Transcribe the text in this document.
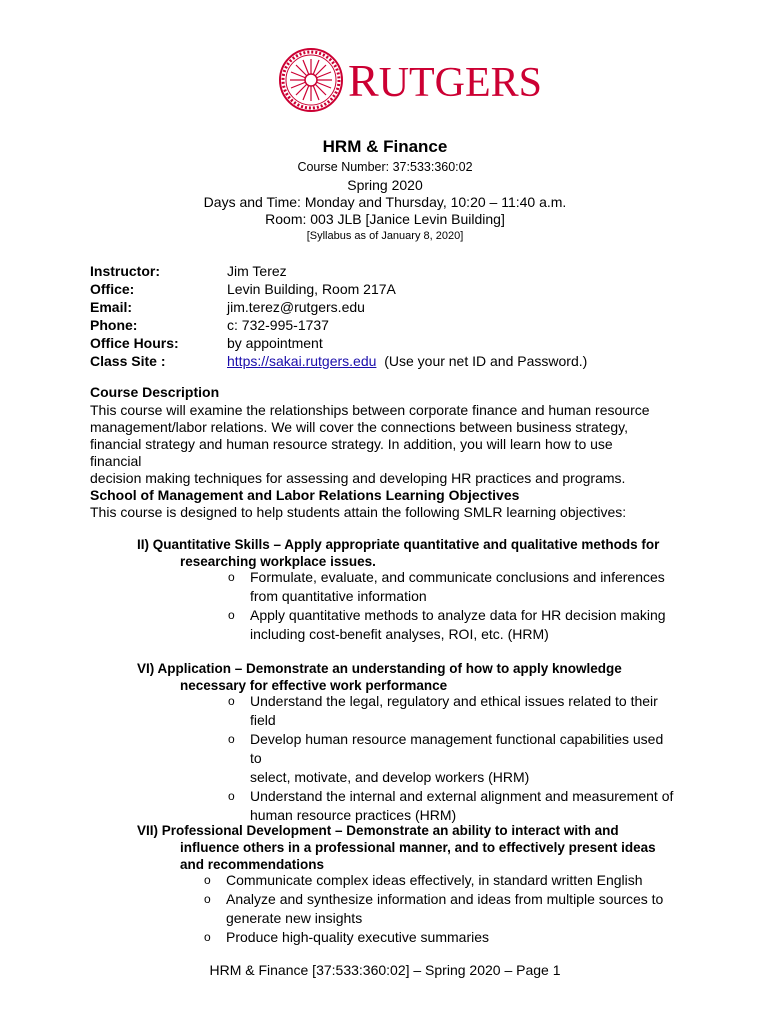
RUTGERS
HRM & Finance
Course Number: 37:533:360:02
Spring 2020
Days and Time: Monday and Thursday, 10:20 – 11:40 a.m.
Room: 003 JLB [Janice Levin Building]
[Syllabus as of January 8, 2020]
Instructor:	Jim Terez
Office:	Levin Building, Room 217A
Email:	jim.terez@rutgers.edu
Phone:	c: 732-995-1737
Office Hours:	by appointment
Class Site :	https://sakai.rutgers.edu (Use your net ID and Password.)
Course Description
This course will examine the relationships between corporate finance and human resource
management/labor relations. We will cover the connections between business strategy,
financial strategy and human resource strategy. In addition, you will learn how to use financial
decision making techniques for assessing and developing HR practices and programs.
School of Management and Labor Relations Learning Objectives
This course is designed to help students attain the following SMLR learning objectives:
II) Quantitative Skills – Apply appropriate quantitative and qualitative methods for
researching workplace issues.
o Formulate, evaluate, and communicate conclusions and inferences
from quantitative information
o Apply quantitative methods to analyze data for HR decision making
including cost-benefit analyses, ROI, etc. (HRM)
VI) Application – Demonstrate an understanding of how to apply knowledge
necessary for effective work performance
o Understand the legal, regulatory and ethical issues related to their
field
o Develop human resource management functional capabilities used to
select, motivate, and develop workers (HRM)
o Understand the internal and external alignment and measurement of
human resource practices (HRM)
VII) Professional Development – Demonstrate an ability to interact with and
influence others in a professional manner, and to effectively present ideas
and recommendations
o Communicate complex ideas effectively, in standard written English
o Analyze and synthesize information and ideas from multiple sources to
generate new insights
o Produce high-quality executive summaries
HRM & Finance [37:533:360:02] – Spring 2020 – Page 1
